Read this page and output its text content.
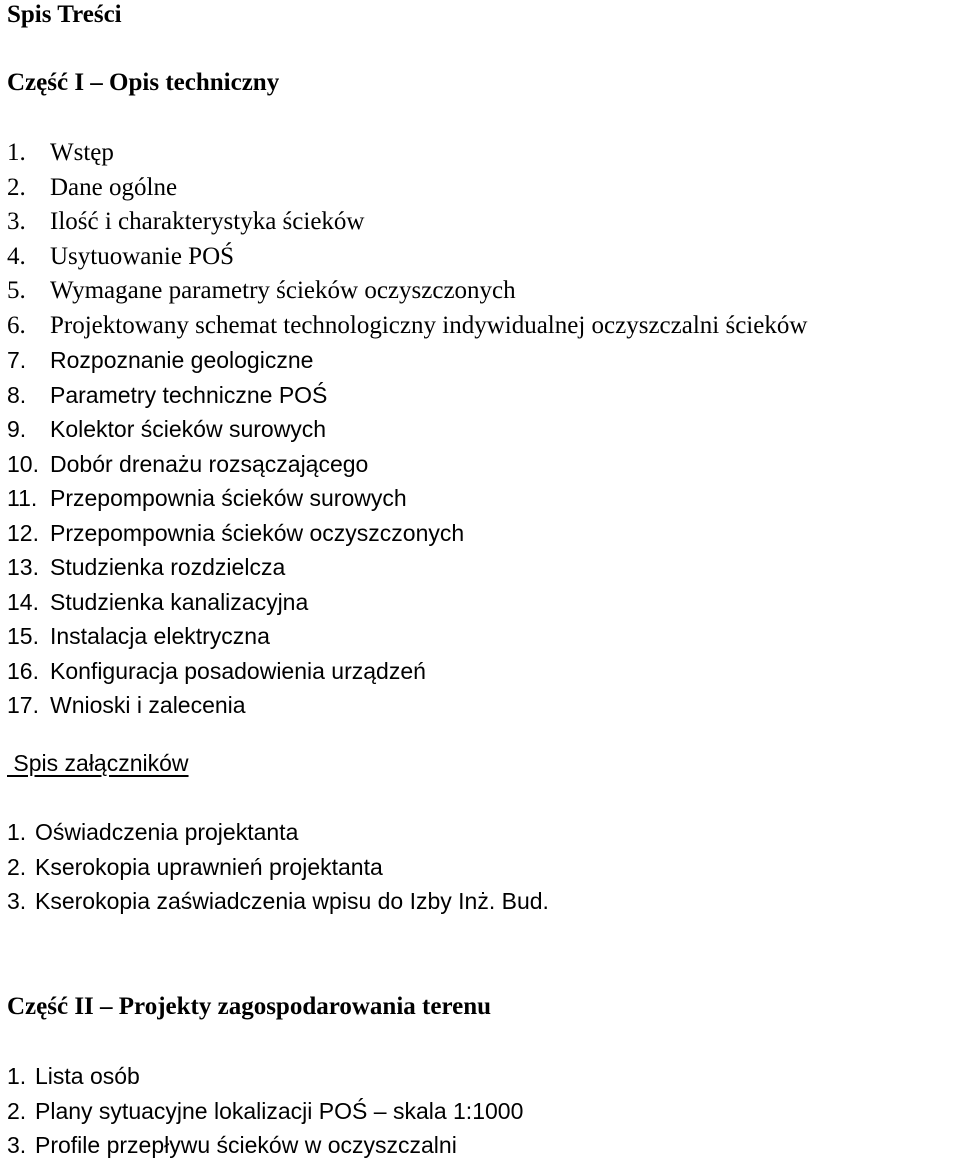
Spis Treści
Część I – Opis techniczny
1. Wstęp
2. Dane ogólne
3. Ilość i charakterystyka ścieków
4. Usytuowanie POŚ
5. Wymagane parametry ścieków oczyszczonych
6. Projektowany schemat technologiczny indywidualnej oczyszczalni ścieków
7. Rozpoznanie geologiczne
8. Parametry techniczne POŚ
9. Kolektor ścieków surowych
10. Dobór drenażu rozsączającego
11. Przepompownia ścieków surowych
12. Przepompownia ścieków oczyszczonych
13. Studzienka rozdzielcza
14. Studzienka kanalizacyjna
15. Instalacja elektryczna
16. Konfiguracja posadowienia urządzeń
17. Wnioski i zalecenia
Spis załączników
1. Oświadczenia projektanta
2. Kserokopia uprawnień projektanta
3. Kserokopia zaświadczenia wpisu do Izby Inż. Bud.
Część II – Projekty zagospodarowania terenu
1. Lista osób
2. Plany sytuacyjne lokalizacji POŚ – skala 1:1000
3. Profile przepływu ścieków w oczyszczalni
